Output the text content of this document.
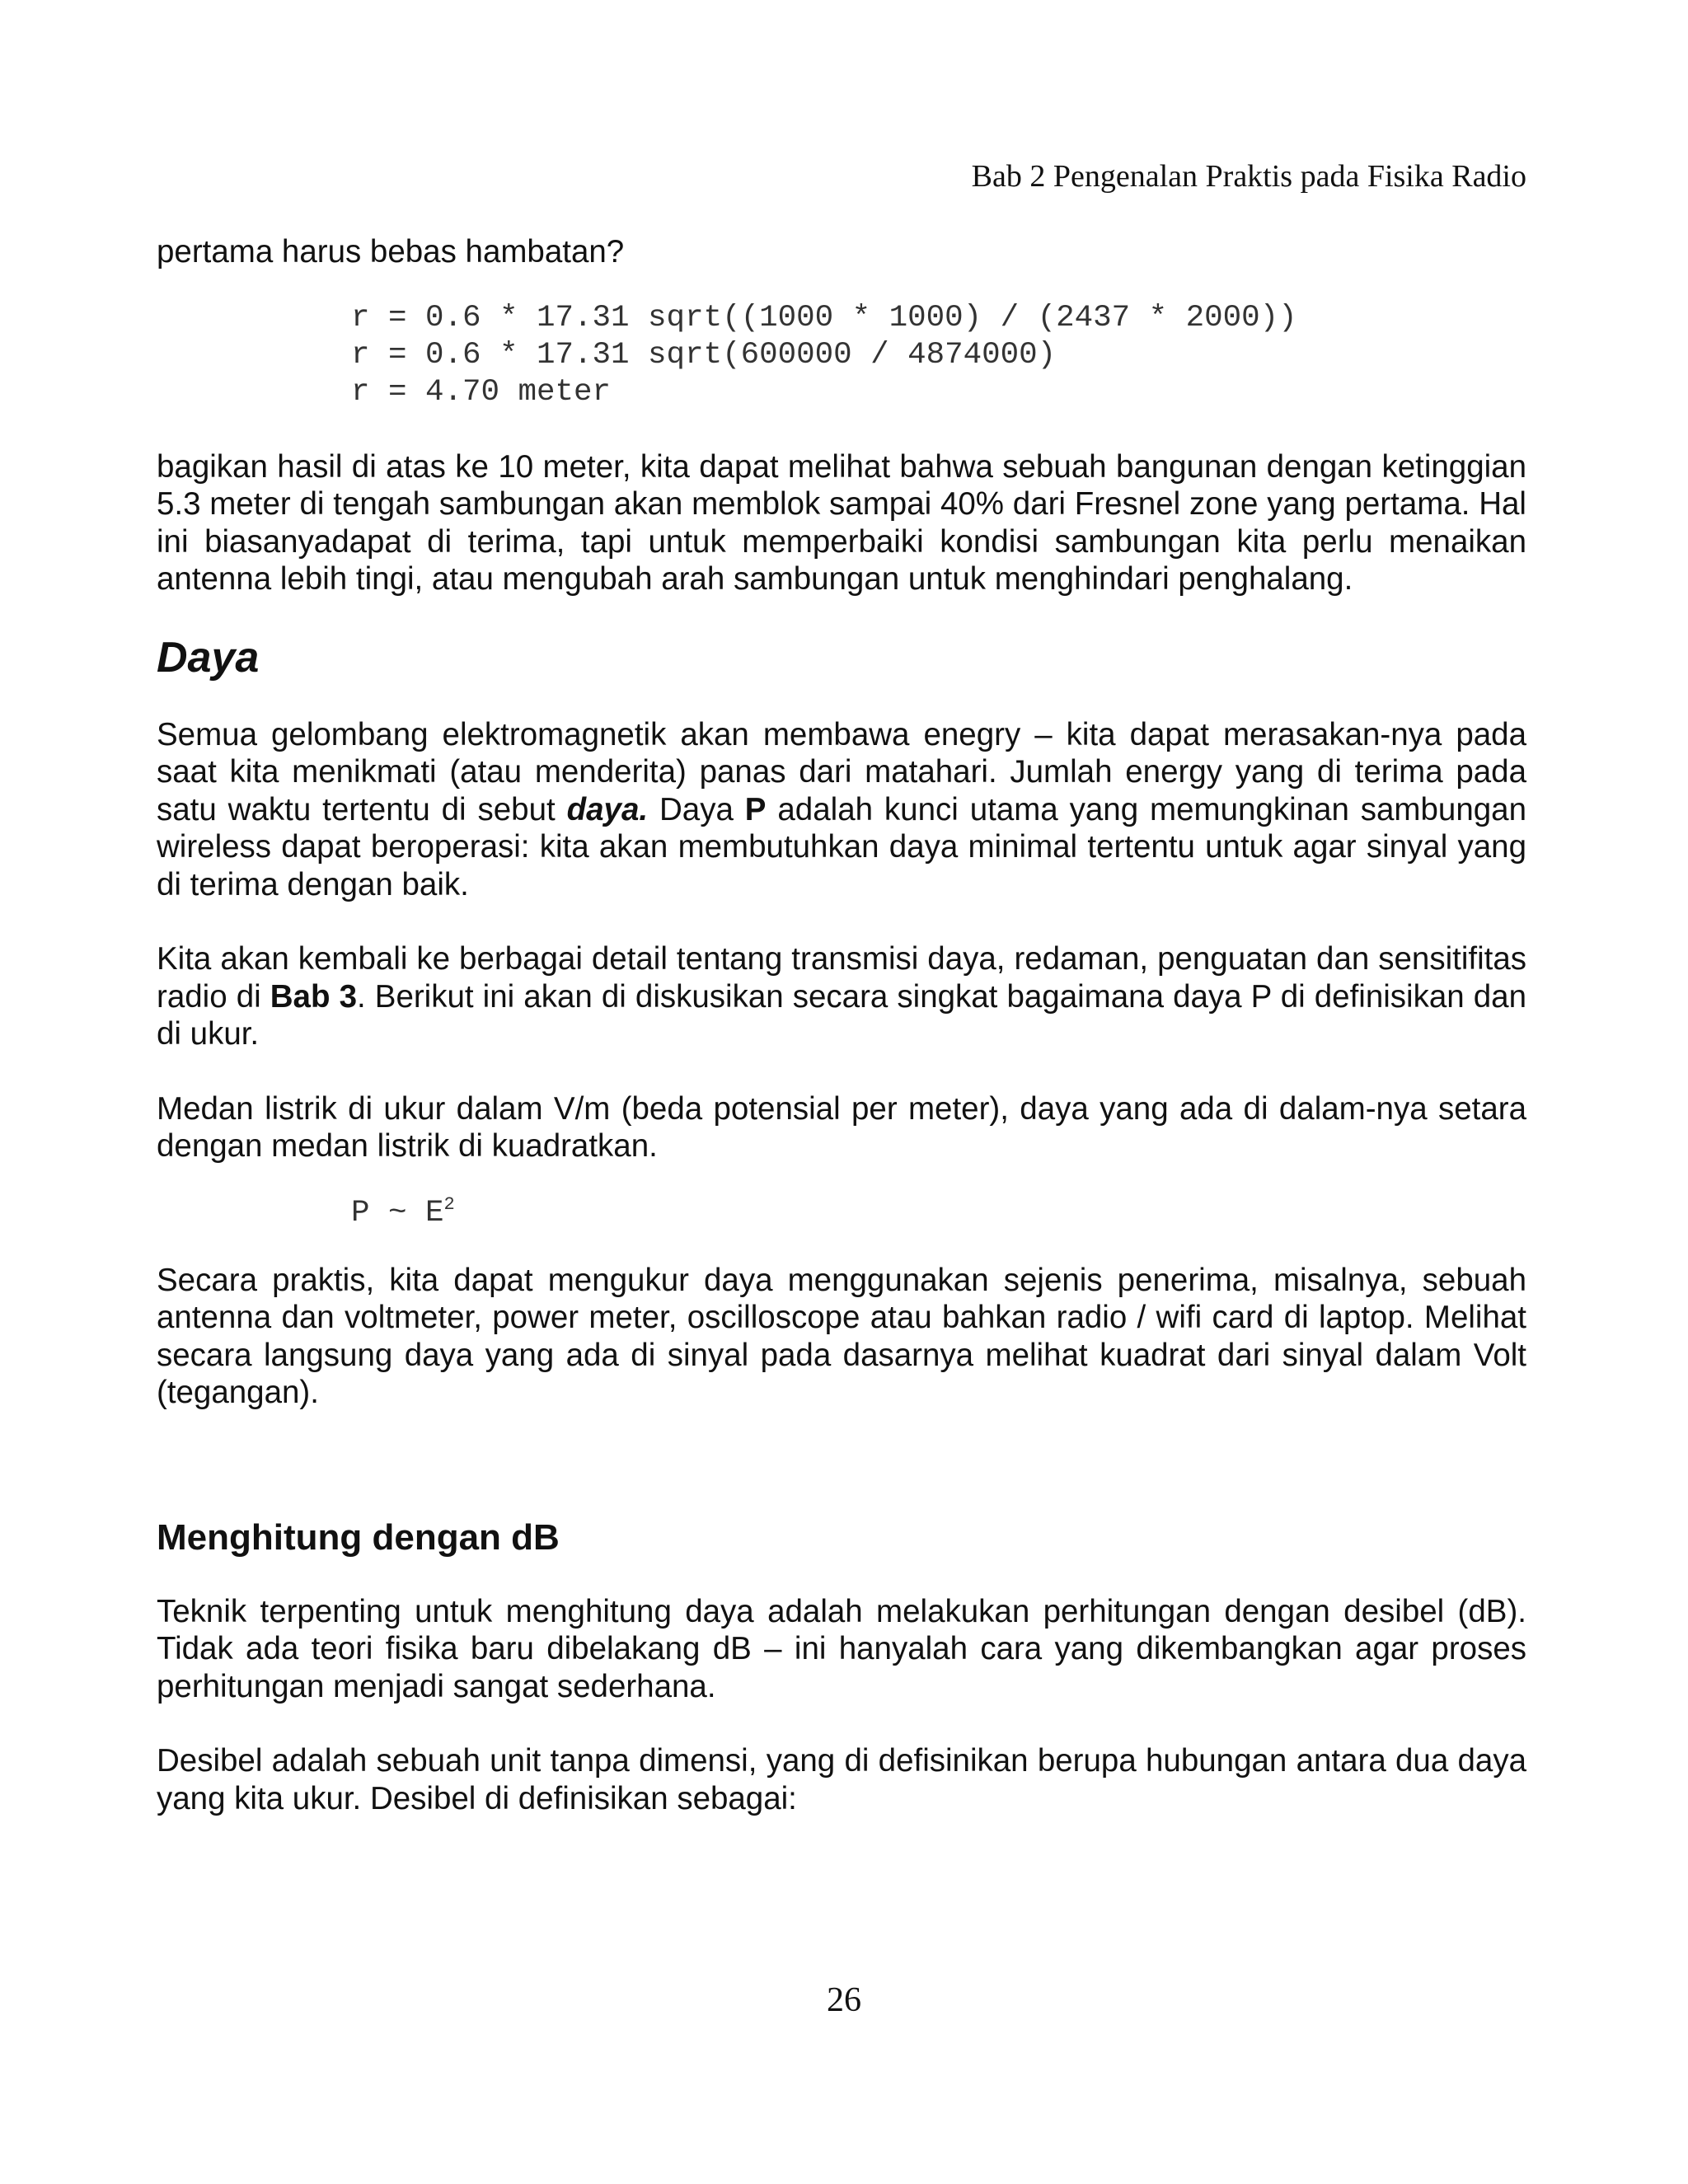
Bab 2 Pengenalan Praktis pada Fisika Radio

pertama harus bebas hambatan?

r = 0.6 * 17.31 sqrt((1000 * 1000) / (2437 * 2000))
r = 0.6 * 17.31 sqrt(600000 / 4874000)
r = 4.70 meter

bagikan hasil di atas ke 10 meter, kita dapat melihat bahwa sebuah bangunan dengan ketinggian 5.3 meter di tengah sambungan akan memblok sampai 40% dari Fresnel zone yang pertama. Hal ini biasanyadapat di terima, tapi untuk memperbaiki kondisi sambungan kita perlu menaikan antenna lebih tingi, atau mengubah arah sambungan untuk menghindari penghalang.

Daya

Semua gelombang elektromagnetik akan membawa enegry – kita dapat merasakan-nya pada saat kita menikmati (atau menderita) panas dari matahari. Jumlah energy yang di terima pada satu waktu tertentu di sebut daya. Daya P adalah kunci utama yang memungkinan sambungan wireless dapat beroperasi: kita akan membutuhkan daya minimal tertentu untuk agar sinyal yang di terima dengan baik.

Kita akan kembali ke berbagai detail tentang transmisi daya, redaman, penguatan dan sensitifitas radio di Bab 3. Berikut ini akan di diskusikan secara singkat bagaimana daya P di definisikan dan di ukur.

Medan listrik di ukur dalam V/m (beda potensial per meter), daya yang ada di dalam-nya setara dengan medan listrik di kuadratkan.

P ~ $E^2$

Secara praktis, kita dapat mengukur daya menggunakan sejenis penerima, misalnya, sebuah antenna dan voltmeter, power meter, oscilloscope atau bahkan radio / wifi card di laptop. Melihat secara langsung daya yang ada di sinyal pada dasarnya melihat kuadrat dari sinyal dalam Volt (tegangan).

Menghitung dengan dB

Teknik terpenting untuk menghitung daya adalah melakukan perhitungan dengan desibel (dB). Tidak ada teori fisika baru dibelakang dB – ini hanyalah cara yang dikembangkan agar proses perhitungan menjadi sangat sederhana.

Desibel adalah sebuah unit tanpa dimensi, yang di defisinikan berupa hubungan antara dua daya yang kita ukur. Desibel di definisikan sebagai:

26
